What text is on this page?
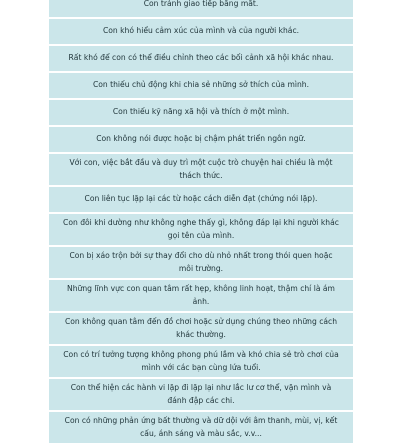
Con tránh giao tiếp bằng mắt.
Con khó hiểu cảm xúc của mình và của người khác.
Rất khó để con có thể điều chỉnh theo các bối cảnh xã hội khác nhau.
Con thiếu chủ động khi chia sẻ những sở thích của mình.
Con thiếu kỹ năng xã hội và thích ở một mình.
Con không nói được hoặc bị chậm phát triển ngôn ngữ.
Với con, việc bắt đầu và duy trì một cuộc trò chuyện hai chiều là một thách thức.
Con liên tục lặp lại các từ hoặc cách diễn đạt (chứng nói lặp).
Con đôi khi dường như không nghe thấy gì, không đáp lại khi người khác gọi tên của mình.
Con bị xáo trộn bởi sự thay đổi cho dù nhỏ nhất trong thói quen hoặc môi trường.
Những lĩnh vực con quan tâm rất hẹp, không linh hoạt, thậm chí là ám ảnh.
Con không quan tâm đến đồ chơi hoặc sử dụng chúng theo những cách khác thường.
Con có trí tưởng tượng không phong phú lắm và khó chia sẻ trò chơi của mình với các bạn cùng lứa tuổi.
Con thể hiện các hành vi lặp đi lặp lại như lắc lư cơ thể, vặn mình và đánh đập các chi.
Con có những phản ứng bất thường và dữ dội với âm thanh, mùi, vị, kết cấu, ánh sáng và màu sắc, v.v...
